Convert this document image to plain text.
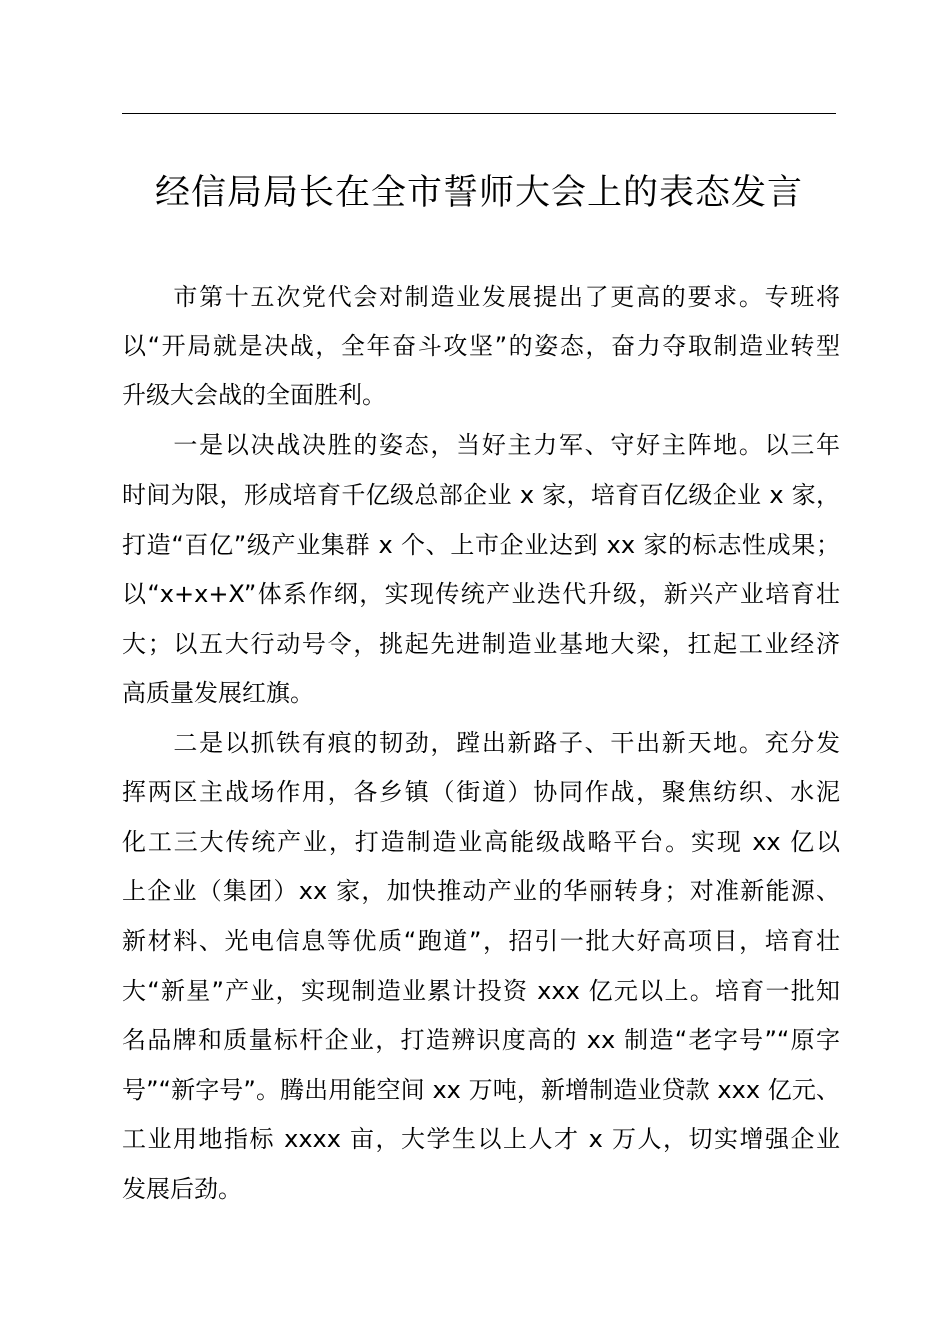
经信局局长在全市誓师大会上的表态发言
　　市第十五次党代会对制造业发展提出了更高的要求。专班将
以“开局就是决战，全年奋斗攻坚”的姿态，奋力夺取制造业转型
升级大会战的全面胜利。
　　一是以决战决胜的姿态，当好主力军、守好主阵地。以三年
时间为限，形成培育千亿级总部企业 x 家，培育百亿级企业 x 家，
打造“百亿”级产业集群 x 个、上市企业达到 xx 家的标志性成果；
以“x+x+X”体系作纲，实现传统产业迭代升级，新兴产业培育壮
大；以五大行动号令，挑起先进制造业基地大梁，扛起工业经济
高质量发展红旗。
　　二是以抓铁有痕的韧劲，蹚出新路子、干出新天地。充分发
挥两区主战场作用，各乡镇（街道）协同作战，聚焦纺织、水泥
化工三大传统产业，打造制造业高能级战略平台。实现 xx 亿以
上企业（集团）xx 家，加快推动产业的华丽转身；对准新能源、
新材料、光电信息等优质“跑道”，招引一批大好高项目，培育壮
大“新星”产业，实现制造业累计投资 xxx 亿元以上。培育一批知
名品牌和质量标杆企业，打造辨识度高的 xx 制造“老字号”“原字
号”“新字号”。腾出用能空间 xx 万吨，新增制造业贷款 xxx 亿元、
工业用地指标 xxxx 亩，大学生以上人才 x 万人，切实增强企业
发展后劲。
